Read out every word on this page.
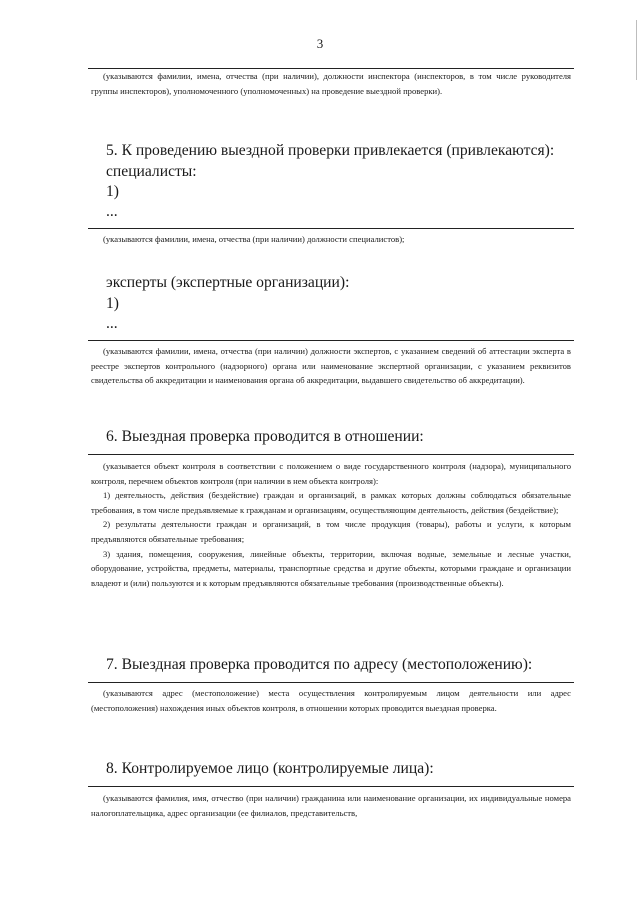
3

(указываются фамилии, имена, отчества (при наличии), должности инспектора (инспекторов, в том числе руководителя группы инспекторов), уполномоченного (уполномоченных) на проведение выездной проверки).

5. К проведению выездной проверки привлекается (привлекаются):
специалисты:
1)
...

(указываются фамилии, имена, отчества (при наличии) должности специалистов);

эксперты (экспертные организации):
1)
...

(указываются фамилии, имена, отчества (при наличии) должности экспертов, с указанием сведений об аттестации эксперта в реестре экспертов контрольного (надзорного) органа или наименование экспертной организации, с указанием реквизитов свидетельства об аккредитации и наименования органа об аккредитации, выдавшего свидетельство об аккредитации).

6. Выездная проверка проводится в отношении:

(указывается объект контроля в соответствии с положением о виде государственного контроля (надзора), муниципального контроля, перечнем объектов контроля (при наличии в нем объекта контроля):

1) деятельность, действия (бездействие) граждан и организаций, в рамках которых должны соблюдаться обязательные требования, в том числе предъявляемые к гражданам и организациям, осуществляющим деятельность, действия (бездействие);

2) результаты деятельности граждан и организаций, в том числе продукция (товары), работы и услуги, к которым предъявляются обязательные требования;

3) здания, помещения, сооружения, линейные объекты, территории, включая водные, земельные и лесные участки, оборудование, устройства, предметы, материалы, транспортные средства и другие объекты, которыми граждане и организации владеют и (или) пользуются и к которым предъявляются обязательные требования (производственные объекты).

7. Выездная проверка проводится по адресу (местоположению):

(указываются адрес (местоположение) места осуществления контролируемым лицом деятельности или адрес (местоположения) нахождения иных объектов контроля, в отношении которых проводится выездная проверка.

8. Контролируемое лицо (контролируемые лица):

(указываются фамилия, имя, отчество (при наличии) гражданина или наименование организации, их индивидуальные номера налогоплательщика, адрес организации (ее филиалов, представительств,
